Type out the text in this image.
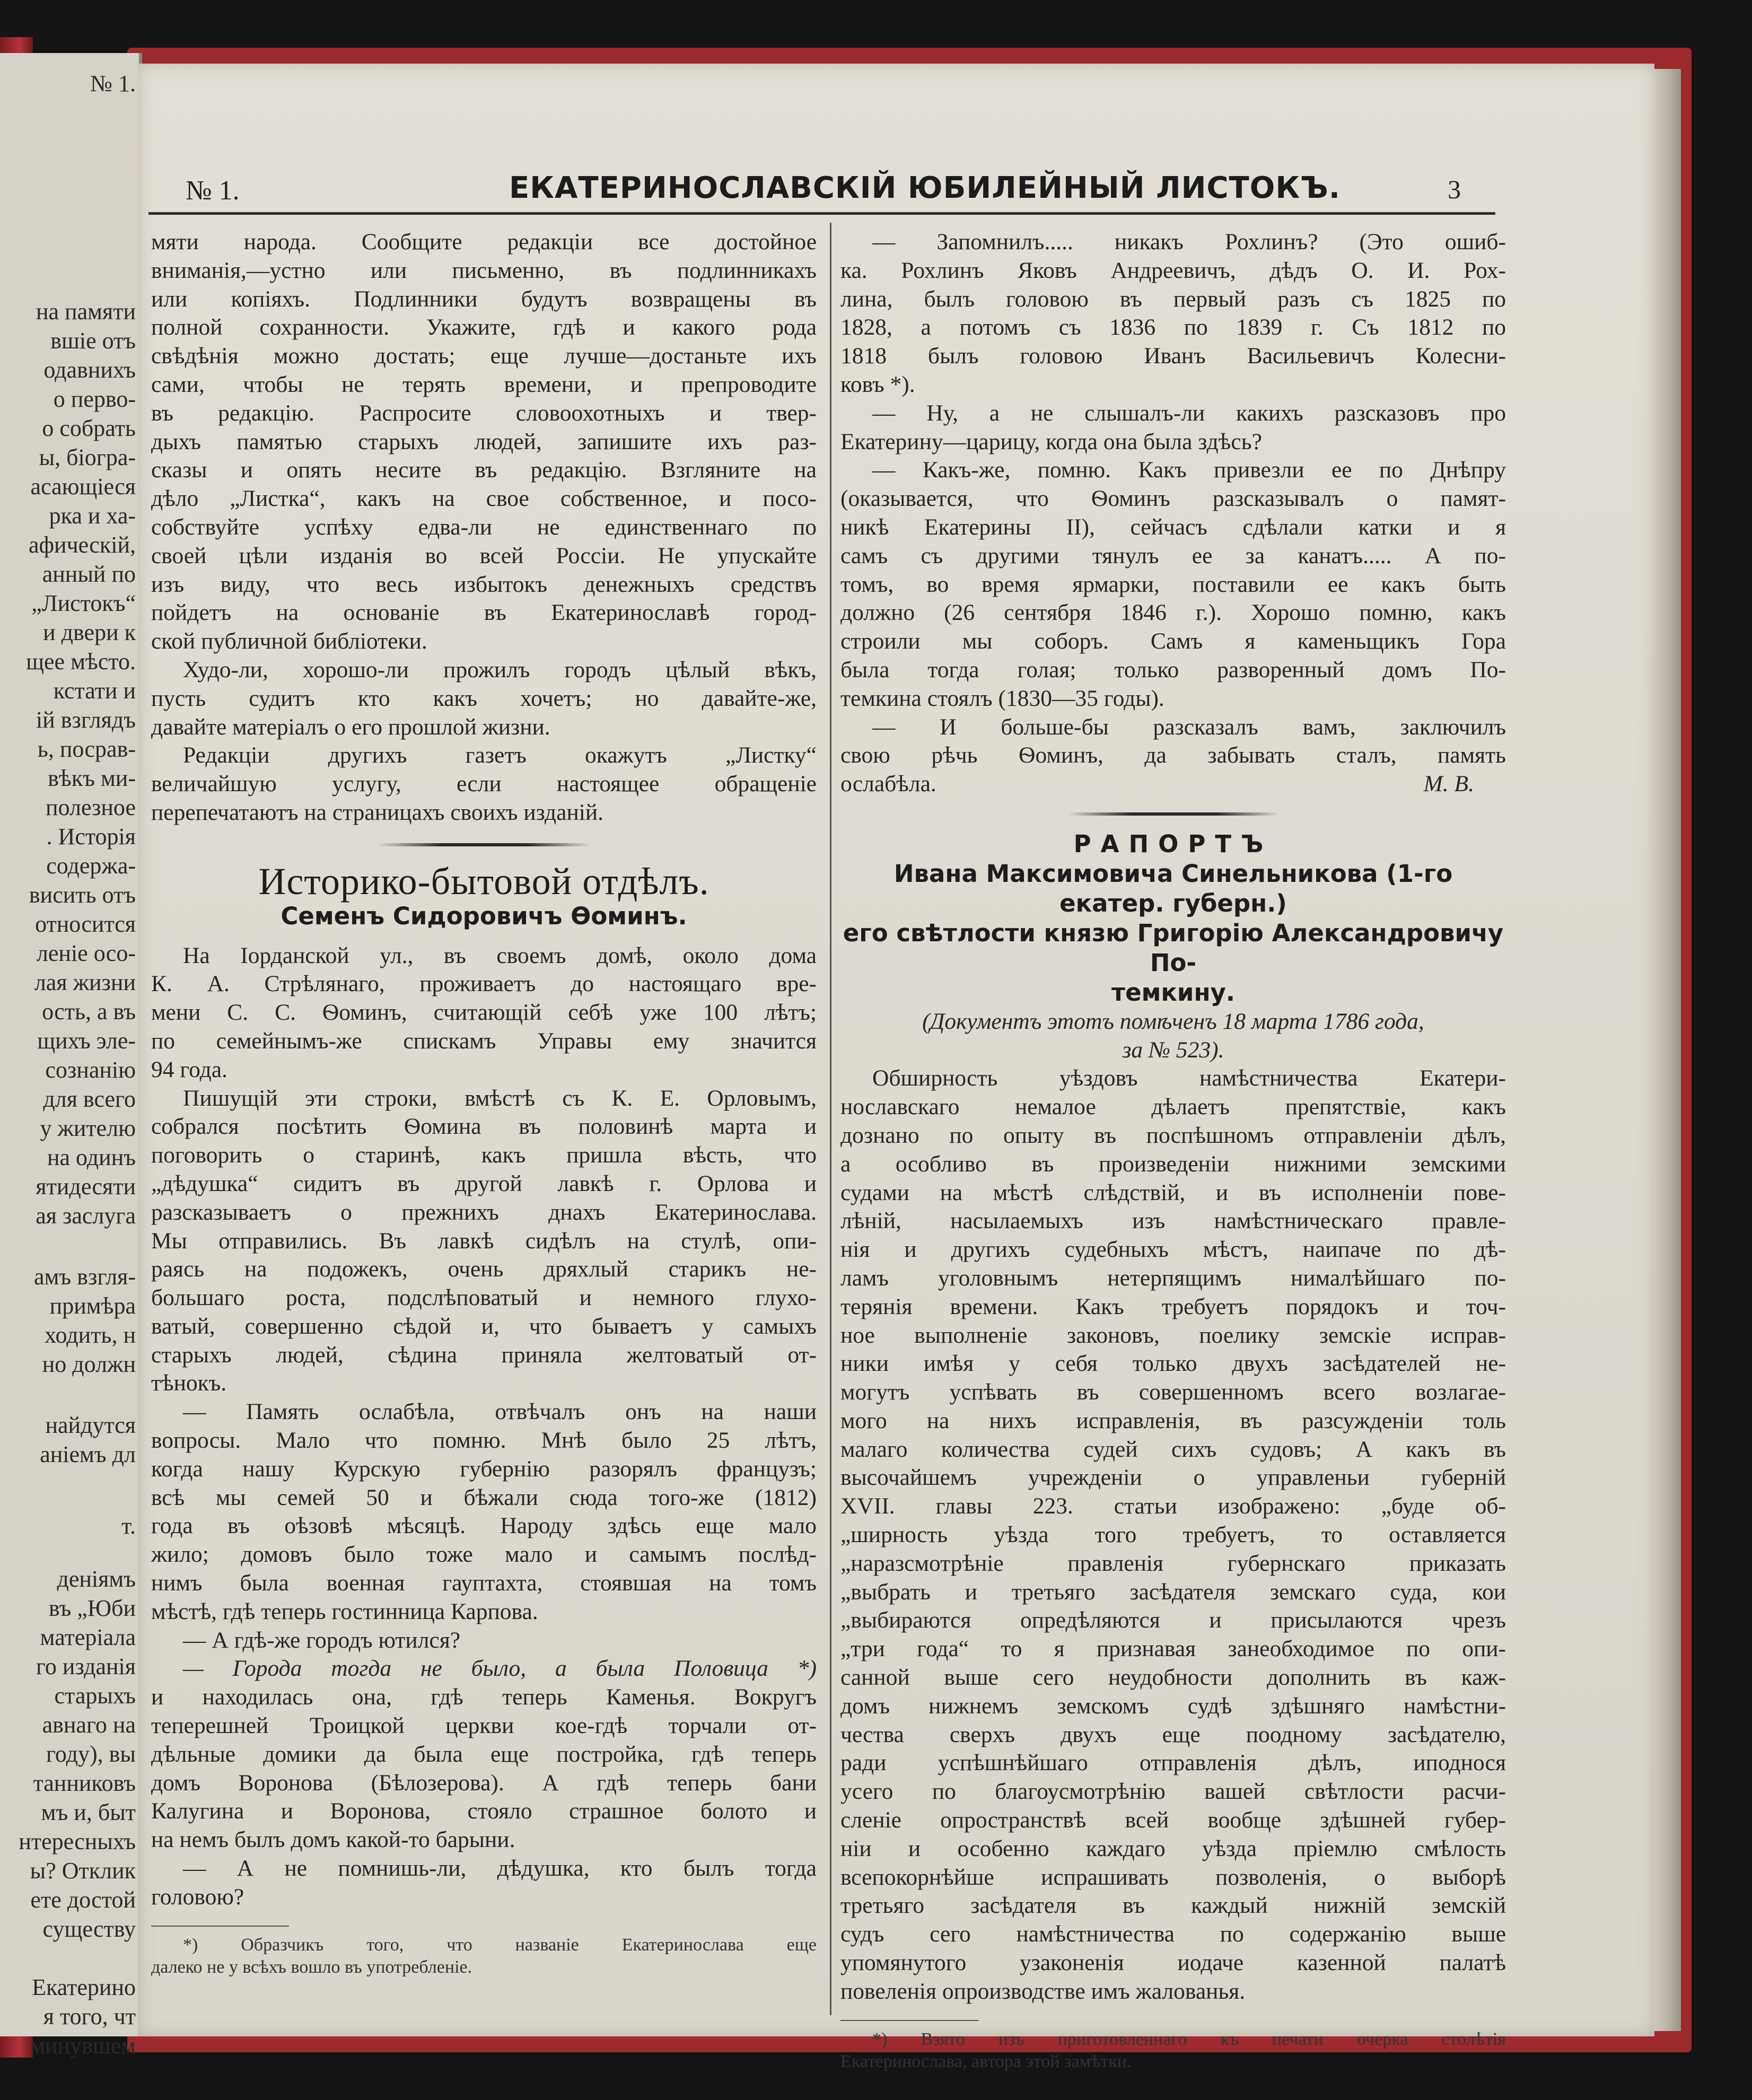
№ 1.
на памяти
вшіе отъ
одавнихъ
о перво-
о собрать
ы, біогра-
асающіеся
рка и ха-
афическій,
анный по
„Листокъ“
и двери к
щее мѣсто.
кстати и
ій взглядъ
ь, посрав-
вѣкъ ми-
полезное
. Исторія
содержа-
висить отъ
относится
леніе осо-
лая жизни
ость, а въ
щихъ эле-
сознанію
для всего
у жителю
на одинъ
ятидесяти
ая заслуга
амъ взгля-
примѣра
ходить, н
но должн
найдутся
аніемъ дл
т.
деніямъ
въ „Юби
матеріала
го изданія
старыхъ
авнаго на
году), вы
танниковъ
мъ и, быт
нтересныхъ
ы? Отклик
ете достой
существу
Екатерино
я того, чт
минувшем
№ 1.	ЕКАТЕРИНОСЛАВСКІЙ ЮБИЛЕЙНЫЙ ЛИСТОКЪ.	3
мяти народа. Сообщите редакціи все достойное
вниманія,—устно или письменно, въ подлинникахъ
или копіяхъ. Подлинники будутъ возвращены въ
полной сохранности. Укажите, гдѣ и какого рода
свѣдѣнія можно достать; еще лучше—достаньте ихъ
сами, чтобы не терять времени, и препроводите
въ редакцію. Распросите словоохотныхъ и твер-
дыхъ памятью старыхъ людей, запишите ихъ раз-
сказы и опять несите въ редакцію. Взгляните на
дѣло „Листка“, какъ на свое собственное, и посо-
собствуйте успѣху едва-ли не единственнаго по
своей цѣли изданія во всей Россіи. Не упускайте
изъ виду, что весь избытокъ денежныхъ средствъ
пойдетъ на основаніе въ Екатеринославѣ город-
ской публичной библіотеки.
Худо-ли, хорошо-ли прожилъ городъ цѣлый вѣкъ,
пусть судитъ кто какъ хочетъ; но давайте-же,
давайте матеріалъ о его прошлой жизни.
Редакціи другихъ газетъ окажутъ „Листку“
величайшую услугу, если настоящее обращеніе
перепечатаютъ на страницахъ своихъ изданій.
Историко-бытовой отдѣлъ.
Семенъ Сидоровичъ Ѳоминъ.
На Іорданской ул., въ своемъ домѣ, около дома
К. А. Стрѣлянаго, проживаетъ до настоящаго вре-
мени С. С. Ѳоминъ, считающій себѣ уже 100 лѣтъ;
по семейнымъ-же спискамъ Управы ему значится
94 года.
Пишущій эти строки, вмѣстѣ съ К. Е. Орловымъ,
собрался посѣтить Ѳомина въ половинѣ марта и
поговорить о старинѣ, какъ пришла вѣсть, что
„дѣдушка“ сидитъ въ другой лавкѣ г. Орлова и
разсказываетъ о прежнихъ днахъ Екатеринослава.
Мы отправились. Въ лавкѣ сидѣлъ на стулѣ, опи-
раясь на подожекъ, очень дряхлый старикъ не-
большаго роста, подслѣповатый и немного глухо-
ватый, совершенно сѣдой и, что бываетъ у самыхъ
старыхъ людей, сѣдина приняла желтоватый от-
тѣнокъ.
— Память ослабѣла, отвѣчалъ онъ на наши
вопросы. Мало что помню. Мнѣ было 25 лѣтъ,
когда нашу Курскую губернію разорялъ французъ;
всѣ мы семей 50 и бѣжали сюда того-же (1812)
года въ оѣзовѣ мѣсяцѣ. Народу здѣсь еще мало
жило; домовъ было тоже мало и самымъ послѣд-
нимъ была военная гауптахта, стоявшая на томъ
мѣстѣ, гдѣ теперь гостинница Карпова.
— А гдѣ-же городъ ютился?
— Города тогда не было, а была Половица *)
и находилась она, гдѣ теперь Каменья. Вокругъ
теперешней Троицкой церкви кое-гдѣ торчали от-
дѣльные домики да была еще постройка, гдѣ теперь
домъ Воронова (Бѣлозерова). А гдѣ теперь бани
Калугина и Воронова, стояло страшное болото и
на немъ былъ домъ какой-то барыни.
— А не помнишь-ли, дѣдушка, кто былъ тогда
головою?
*) Образчикъ того, что названіе Екатеринослава еще
далеко не у всѣхъ вошло въ употребленіе.
— Запомнилъ..... никакъ Рохлинъ? (Это ошиб-
ка. Рохлинъ Яковъ Андреевичъ, дѣдъ О. И. Рох-
лина, былъ головою въ первый разъ съ 1825 по
1828, а потомъ съ 1836 по 1839 г. Съ 1812 по
1818 былъ головою Иванъ Васильевичъ Колесни-
ковъ *).
— Ну, а не слышалъ-ли какихъ разсказовъ про
Екатерину—царицу, когда она была здѣсь?
— Какъ-же, помню. Какъ привезли ее по Днѣпру
(оказывается, что Ѳоминъ разсказывалъ о памят-
никѣ Екатерины II), сейчасъ сдѣлали катки и я
самъ съ другими тянулъ ее за канатъ..... А по-
томъ, во время ярмарки, поставили ее какъ быть
должно (26 сентября 1846 г.). Хорошо помню, какъ
строили мы соборъ. Самъ я каменьщикъ Гора
была тогда голая; только разворенный домъ По-
темкина стоялъ (1830—35 годы).
— И больше-бы разсказалъ вамъ, заключилъ
свою рѣчь Ѳоминъ, да забывать сталъ, память
ослабѣла.	М. В.
РАПОРТЪ
Ивана Максимовича Синельникова (1-го екатер. губерн.)
его свѣтлости князю Григорію Александровичу По-
темкину.
(Документъ этотъ помѣченъ 18 марта 1786 года,
за № 523).
Обширность уѣздовъ намѣстничества Екатери-
нославскаго немалое дѣлаетъ препятствіе, какъ
дознано по опыту въ поспѣшномъ отправленіи дѣлъ,
а особливо въ произведеніи нижними земскими
судами на мѣстѣ слѣдствій, и въ исполненіи пове-
лѣній, насылаемыхъ изъ намѣстническаго правле-
нія и другихъ судебныхъ мѣстъ, наипаче по дѣ-
ламъ уголовнымъ нетерпящимъ нималѣйшаго по-
терянія времени. Какъ требуетъ порядокъ и точ-
ное выполненіе законовъ, поелику земскіе исправ-
ники имѣя у себя только двухъ засѣдателей не-
могутъ успѣвать въ совершенномъ всего возлагае-
мого на нихъ исправленія, въ разсужденіи толь
малаго количества судей сихъ судовъ; А какъ въ
высочайшемъ учрежденіи о управленьи губерній
XVII. главы 223. статьи изображено: „буде об-
„ширность уѣзда того требуетъ, то оставляется
„наразсмотрѣніе правленія губернскаго приказать
„выбрать и третьяго засѣдателя земскаго суда, кои
„выбираются опредѣляются и присылаются чрезъ
„три года“ то я признавая занеобходимое по опи-
санной выше сего неудобности дополнить въ каж-
домъ нижнемъ земскомъ судѣ здѣшняго намѣстни-
чества сверхъ двухъ еще поодному засѣдателю,
ради успѣшнѣйшаго отправленія дѣлъ, иподнося
усего по благоусмотрѣнію вашей свѣтлости расчи-
сленіе опространствѣ всей вообще здѣшней губер-
ніи и особенно каждаго уѣзда пріемлю смѣлость
всепокорнѣйше испрашивать позволенія, о выборѣ
третьяго засѣдателя въ каждый нижній земскій
судъ сего намѣстничества по содержанію выше
упомянутого узаконенія иодаче казенной палатѣ
повеленія опроизводстве имъ жалованья.
*) Взято изъ приготовленнаго къ печати очерка столѣтія
Екатеринослава, автора этой замѣтки.
